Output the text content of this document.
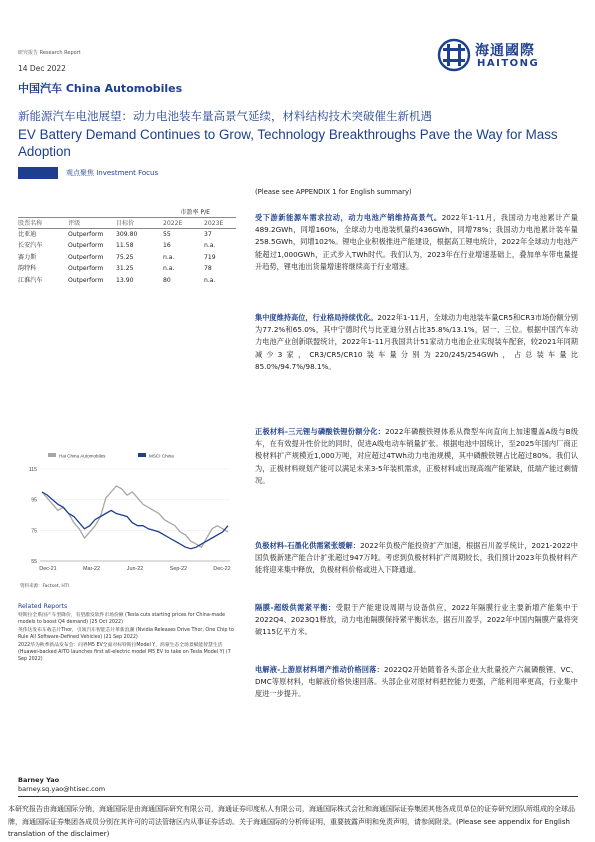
研究报告 Research Report
14 Dec 2022
中国汽车 China Automobiles
海通國際
HAITONG
新能源汽车电池展望：动力电池装车量高景气延续，材料结构技术突破催生新机遇
EV Battery Demand Continues to Grow, Technology Breakthroughs Pave the Way for Mass Adoption
观点聚焦 Investment Focus
(Please see APPENDIX 1 for English summary)
市盈率 P/E
股票名称	评级	目标价	2022E	2023E
比亚迪	Outperform 309.80	55	37
长安汽车	Outperform 11.58	16	n.a.
赛力斯	Outperform 75.25	n.a.	719
韵特科	Outperform 31.25	n.a.	78
江淮汽车	Outperform 13.90	80	n.a.
Hai China Automobiles	MSCI China
115
95
75
55
Dec-21	Mar-22	Jun-22	Sep-22	Dec-22
资料来源：Factset, HTI
Related Reports
特斯拉全系国产车型降价，有望激发软件市场份额 (Tesla cuts starting prices for China-made models to boost Q4 demand) (25 Oct 2022)
英伟达发布车载芯片Thor，引领汽车智能芯片革新浪潮 (Nvidia Releases Drive Thor, One Chip to Rule All Software-Defined Vehicles) (21 Sep 2022)
2022华为秋季新品发布会：问界M5 EV全面对标特斯拉Model Y，鸿蒙生态全场景赋能智慧生活 (Huawei-backed AITO launches first all-electric model M5 EV to take on Tesla Model Y) (7 Sep 2022)
受下游新能源车需求拉动，动力电池产销维持高景气。2022年1-11月，我国动力电池累计产量489.2GWh，同增160%，全球动力电池装机量约436GWh，同增78%；我国动力电池累计装车量258.5GWh，同增102%。锂电企业积极推进产能建设，根据高工锂电统计，2022年全球动力电池产能超过1,000GWh，正式步入TWh时代。我们认为，2023年在行业增速基础上，叠加单车带电量提升趋势，锂电池出货量增速将继续高于行业增速。
集中度维持高位，行业格局持续优化。2022年1-11月，全球动力电池装车量CR5和CR3市场份额分别为77.2%和65.0%，其中宁德时代与比亚迪分别占比35.8%/13.1%，居一、三位。根据中国汽车动力电池产业创新联盟统计，2022年1-11月我国共计51家动力电池企业实现装车配套，较2021年同期减少3家，CR3/CR5/CR10装车量分别为220/245/254GWh，占总装车量比85.0%/94.7%/98.1%。
正极材料-三元锂与磷酸铁锂份额分化：2022年磷酸铁锂体系从微型车向直向上加速覆盖A级与B级车，在有效提升性价比的同时，促进A级电动车销量扩张。根据电池中国统计，至2025年国内厂商正极材料扩产规模近1,000万吨，对应超过4TWh动力电池规模，其中磷酸铁锂占比超过80%。我们认为，正极材料规划产能可以满足未来3-5年装机需求，正极材料或出现高端产能紧缺，低端产能过剩情况。
负极材料-石墨化供需紧张缓解：2022年负极产能投资扩产加速，根据百川盈孚统计，2021-2022中国负极新建产能合计扩张超过947万吨。考虑到负极材料扩产周期较长，我们预计2023年负极材料产能将迎来集中释放，负极材料价格或进入下降通道。
隔膜-超级供需紧平衡：受限于产能建设周期与设备供应，2022年隔膜行业主要新增产能集中于2022Q4、2023Q1释放，动力电池隔膜保持紧平衡状态，据百川盈孚，2022年中国内隔膜产量将突破115亿平方米。
电解液-上游原材料增产推动价格回落：2022Q2开始随着各头部企业大批量投产六氟磷酸锂、VC、DMC等原材料，电解液价格快速回落。头部企业对原材料把控能力更强，产能利用率更高，行业集中度进一步提升。
Barney Yao
barney.sq.yao@htisec.com
本研究报告由海通国际分销，海通国际是由海通国际研究有限公司，海通证券印度私人有限公司，海通国际株式会社和海通国际证券集团其他各成员单位的证券研究团队所组成的全球品牌，海通国际证券集团各成员分别在其许可的司法管辖区内从事证券活动。关于海通国际的分析师证明，重要披露声明和免责声明，请参阅附录。(Please see appendix for English translation of the disclaimer)
